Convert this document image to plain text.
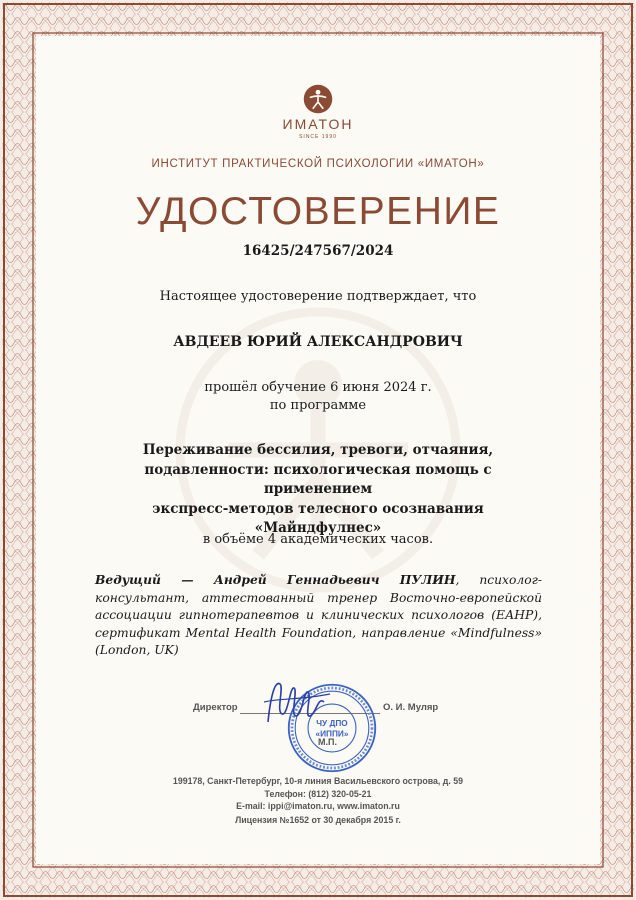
ИМАТОН
SINCE 1990
ИНСТИТУТ ПРАКТИЧЕСКОЙ ПСИХОЛОГИИ «ИМАТОН»
УДОСТОВЕРЕНИЕ
16425/247567/2024
Настоящее удостоверение подтверждает, что
АВДЕЕВ ЮРИЙ АЛЕКСАНДРОВИЧ
прошёл обучение 6 июня 2024 г.
по программе
Переживание бессилия, тревоги, отчаяния,
подавленности: психологическая помощь с применением
экспресс-методов телесного осознавания
«Майндфулнес»
в объёме 4 академических часов.
Ведущий — Андрей Геннадьевич ПУЛИН, психолог-консультант, аттестованный тренер Восточно-европейской ассоциации гипнотерапевтов и клинических психологов (ЕАНР), сертификат Mental Health Foundation, направление «Mindfulness» (London, UK)
Директор
ЧУ ДПО
«ИППИ»
О. И. Муляр
М.П.
199178, Санкт-Петербург, 10-я линия Васильевского острова, д. 59
Телефон: (812) 320-05-21
E-mail: ippi@imaton.ru, www.imaton.ru
Лицензия №1652 от 30 декабря 2015 г.
